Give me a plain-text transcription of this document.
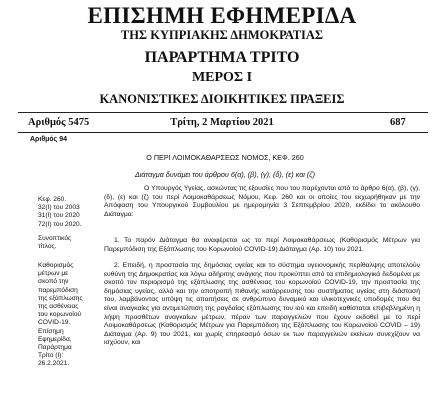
ΕΠΙΣΗΜΗ ΕΦΗΜΕΡΙΔΑ
ΤΗΣ ΚΥΠΡΙΑΚΗΣ ΔΗΜΟΚΡΑΤΙΑΣ
ΠΑΡΑΡΤΗΜΑ ΤΡΙΤΟ
ΜΕΡΟΣ Ι
ΚΑΝΟΝΙΣΤΙΚΕΣ ΔΙΟΙΚΗΤΙΚΕΣ ΠΡΑΞΕΙΣ
Αριθμός 5475	Τρίτη, 2 Μαρτίου 2021	687
Αριθμός 94
Ο ΠΕΡΙ ΛΟΙΜΟΚΑΘΑΡΣΕΩΣ ΝΟΜΟΣ, ΚΕΦ. 260
Διάταγμα δυνάμει του άρθρου 6(α), (β), (γ), (δ), (ε) και (ζ)
Κεφ. 260.
32(I) του 2003
31(I) του 2020
72(I) του 2020.
Ο Υπουργός Υγείας, ασκώντας τις εξουσίες που του παρέχονται από το άρθρο 6(α), (β), (γ), (δ), (ε) και (ζ) του περί Λοιμοκαθάρσεως Νόμου, Κεφ. 260 και οι οποίες του εκχωρήθηκαν με την Απόφαση του Υπουργικού Συμβουλίου με ημερομηνία 3 Σεπτεμβρίου 2020, εκδίδει το ακόλουθο Διάταγμα:
Συνοπτικός
τίτλος.
1. Το παρόν Διάταγμα θα αναφέρεται ως το περί Λοιμοκαθάρσεως (Καθορισμός Μέτρων για Παρεμπόδιση της Εξάπλωσης του Κορωνοϊού COVID-19) Διάταγμα (Αρ. 10) του 2021.
Καθορισμός
μέτρων με
σκοπό την
παρεμπόδιση
της εξάπλωσης
της ασθένειας
του κορωνοϊού
COVID-19.
Επίσημη
Εφημερίδα,
Παράρτημα
Τρίτο (Ι):
26.2.2021.
2. Επειδή, η προστασία της δημόσιας υγείας και το σύστημα υγειονομικής περίθαλψης αποτελούν ευθύνη της Δημοκρατίας και λόγω αδήριτης ανάγκης που προκύπτει από τα επιδημιολογικά δεδομένα με σκοπό τον περιορισμό της εξάπλωσης της ασθένειας του κορωνοϊού COVID-19, την προστασία της δημόσιας υγείας, αλλά και την αποτροπή πιθανής κατάρρευσης του συστήματος υγείας στη διάστασή του, λαμβάνοντας υπόψη τις απαιτήσεις σε ανθρώπινο δυναμικό και υλικοτεχνικές υποδομές που θα είναι αναγκαίες για αντιμετώπιση της ραγδαίας εξάπλωσης του ιού και επειδή καθίσταται επιβεβλημένη η λήψη προσθέτων αναγκαίων μέτρων, πέραν των παραγγελιών που έχουν εκδοθεί με το περί Λοιμοκαθάρσεως (Καθορισμός Μέτρων για Παρεμπόδιση της Εξάπλωσης του Κορωνοϊού COVID – 19) Διάταγμα (Αρ. 9) του 2021, και χωρίς επηρεασμό όσων εκ των παραγγελιών εκείνων συνεχίζουν να ισχύουν, και
